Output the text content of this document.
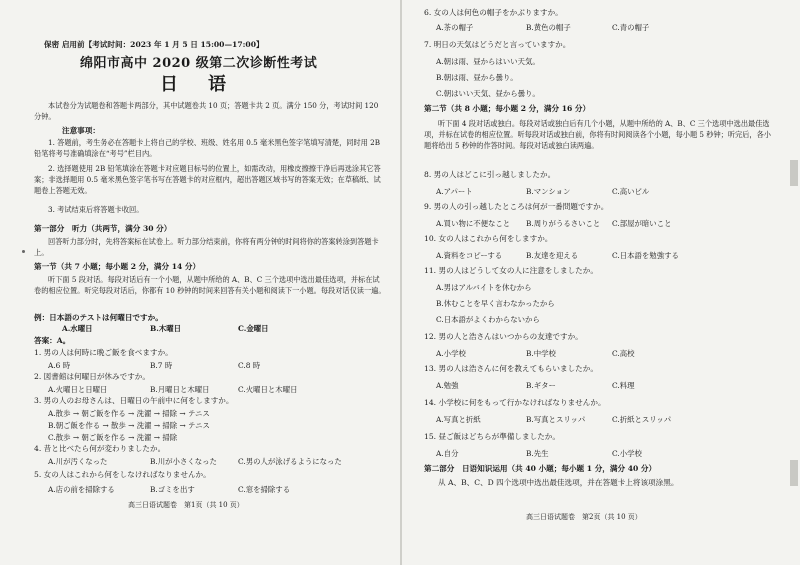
保密 启用前【考试时间：2023 年 1 月 5 日 15:00—17:00】
绵阳市高中 2020 级第二次诊断性考试
日　语
本试卷分为试题卷和答题卡两部分，其中试题卷共 10 页；答题卡共 2 页。满分 150 分，考试时间 120 分钟。
注意事项：
1. 答题前，考生务必在答题卡上将自己的学校、班级、姓名用 0.5 毫米黑色签字笔填写清楚，同时用 2B 铅笔将考号准确填涂在“考号”栏目内。
2. 选择题使用 2B 铅笔填涂在答题卡对应题目标号的位置上，如需改动，用橡皮擦擦干净后再选涂其它答案；非选择题用 0.5 毫米黑色签字笔书写在答题卡的对应框内，超出答题区域书写的答案无效；在草稿纸、试题卷上答题无效。
3. 考试结束后将答题卡收回。
第一部分　听力（共两节，满分 30 分）
回答听力部分时，先将答案标在试卷上。听力部分结束前，你将有两分钟的时间将你的答案转涂到答题卡上。
第一节（共 7 小题；每小题 2 分，满分 14 分）
听下面 5 段对话。每段对话后有一个小题，从题中所给的 A、B、C 三个选项中选出最佳选项，并标在试卷的相应位置。听完每段对话后，你都有 10 秒钟的时间来回答有关小题和阅读下一小题。每段对话仅读一遍。
例：日本語のテストは何曜日ですか。
A.水曜日	B.木曜日	C.金曜日
答案：A。
1. 男の人は何時に晩ご飯を食べますか。
A.6 時	B.7 時	C.8 時
2. 図書館は何曜日が休みですか。
A.火曜日と日曜日	B.月曜日と木曜日	C.火曜日と木曜日
3. 男の人のお母さんは、日曜日の午前中に何をしますか。
A.散歩 → 朝ご飯を作る → 洗濯 → 掃除 → テニス
B.朝ご飯を作る → 散歩 → 洗濯 → 掃除 → テニス
C.散歩 → 朝ご飯を作る → 洗濯 → 掃除
4. 昔と比べたら何が変わりましたか。
A.川が汚くなった	B.川が小さくなった	C.男の人が泳げるようになった
5. 女の人はこれから何をしなければなりませんか。
A.店の前を掃除する	B.ゴミを出す	C.窓を掃除する
高三日语试题卷　第1页（共 10 页）
6. 女の人は何色の帽子をかぶりますか。
A.茶の帽子	B.黄色の帽子	C.青の帽子
7. 明日の天気はどうだと言っていますか。
A.朝は雨、昼からはいい天気。
B.朝は雨、昼から曇り。
C.朝はいい天気、昼から曇り。
第二节（共 8 小题；每小题 2 分，满分 16 分）
听下面 4 段对话或独白。每段对话或独白后有几个小题，从题中所给的 A、B、C 三个选项中选出最佳选项，并标在试卷的相应位置。听每段对话或独白前，你将有时间阅读各个小题，每小题 5 秒钟；听完后，各小题将给出 5 秒钟的作答时间。每段对话或独白读两遍。
8. 男の人はどこに引っ越しましたか。
A.アパート	B.マンション	C.高いビル
9. 男の人の引っ越したところは何が一番問題ですか。
A.買い物に不便なこと B.周りがうるさいこと C.部屋が暗いこと
10. 女の人はこれから何をしますか。
A.資料をコピーする	B.友達を迎える	C.日本語を勉強する
11. 男の人はどうして女の人に注意をしましたか。
A.男はアルバイトを休むから
B.休むことを早く言わなかったから
C.日本語がよくわからないから
12. 男の人と浩さんはいつからの友達ですか。
A.小学校	B.中学校	C.高校
13. 男の人は浩さんに何を教えてもらいましたか。
A.勉強	B.ギター	C.料理
14. 小学校に何をもって行かなければなりませんか。
A.写真と折紙	B.写真とスリッパ	C.折紙とスリッパ
15. 昼ご飯はどちらが準備しましたか。
A.自分	B.先生	C.小学校
第二部分　日语知识运用（共 40 小题；每小题 1 分，满分 40 分）
从 A、B、C、D 四个选项中选出最佳选项，并在答题卡上将该项涂黑。
高三日语试题卷　第2页（共 10 页）
